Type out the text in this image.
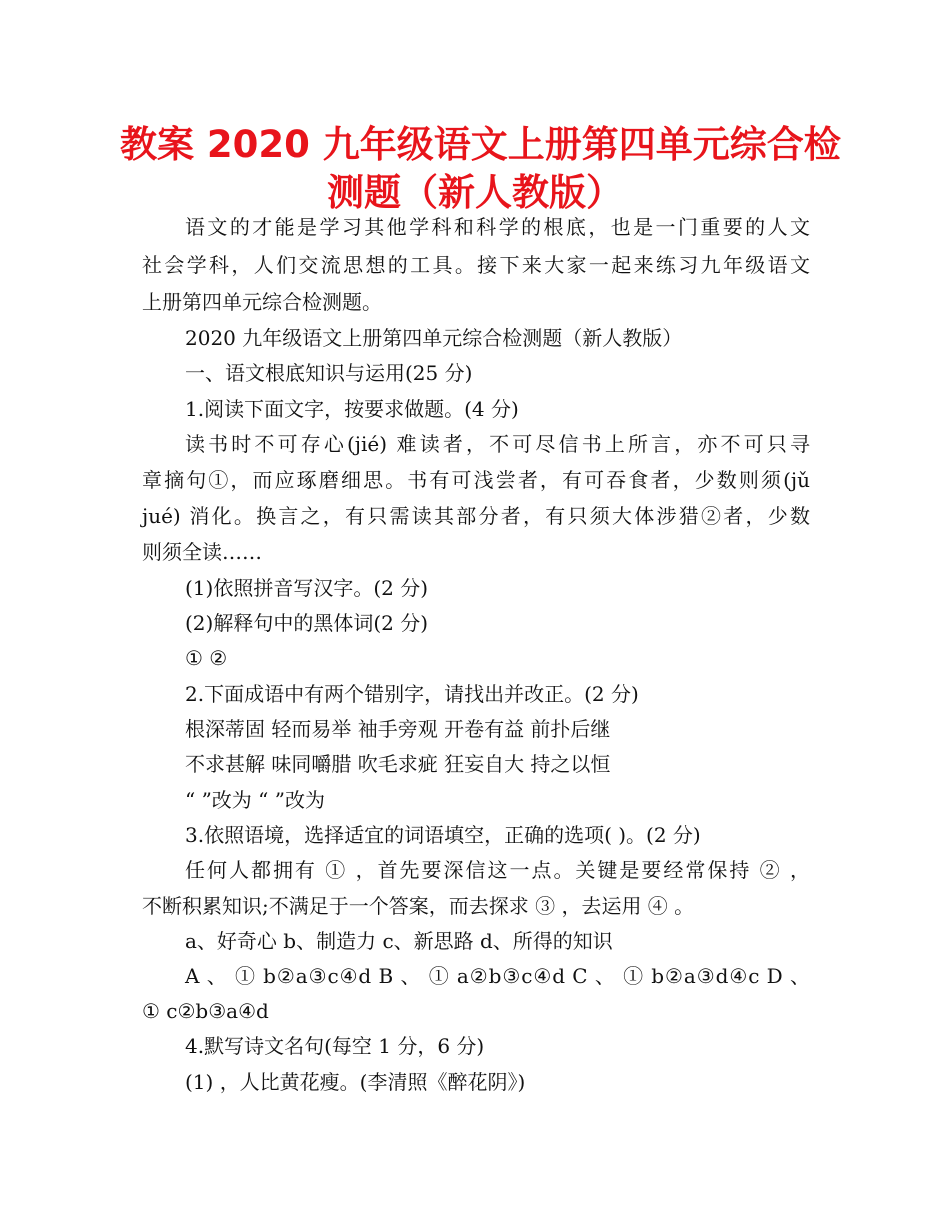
教案 2020 九年级语文上册第四单元综合检
测题（新人教版）
语文的才能是学习其他学科和科学的根底，也是一门重要的人文
社会学科，人们交流思想的工具。接下来大家一起来练习九年级语文
上册第四单元综合检测题。
2020 九年级语文上册第四单元综合检测题（新人教版）
一、语文根底知识与运用(25 分)
1.阅读下面文字，按要求做题。(4 分)
读书时不可存心(jié) 难读者，不可尽信书上所言，亦不可只寻
章摘句①，而应琢磨细思。书有可浅尝者，有可吞食者，少数则须(jǔ
jué) 消化。换言之，有只需读其部分者，有只须大体涉猎②者，少数
则须全读……
(1)依照拼音写汉字。(2 分)
(2)解释句中的黑体词(2 分)
① ②
2.下面成语中有两个错别字，请找出并改正。(2 分)
根深蒂固 轻而易举 袖手旁观 开卷有益 前扑后继
不求甚解 味同嚼腊 吹毛求疵 狂妄自大 持之以恒
“ ”改为 “ ”改为
3.依照语境，选择适宜的词语填空，正确的选项( )。(2 分)
任何人都拥有 ① ，首先要深信这一点。关键是要经常保持 ② ，
不断积累知识;不满足于一个答案，而去探求 ③ ，去运用 ④ 。
a、好奇心 b、制造力 c、新思路 d、所得的知识
A 、 ① b②a③c④d B 、 ① a②b③c④d C 、 ① b②a③d④c D 、
① c②b③a④d
4.默写诗文名句(每空 1 分，6 分)
(1) ，人比黄花瘦。(李清照《醉花阴》)
